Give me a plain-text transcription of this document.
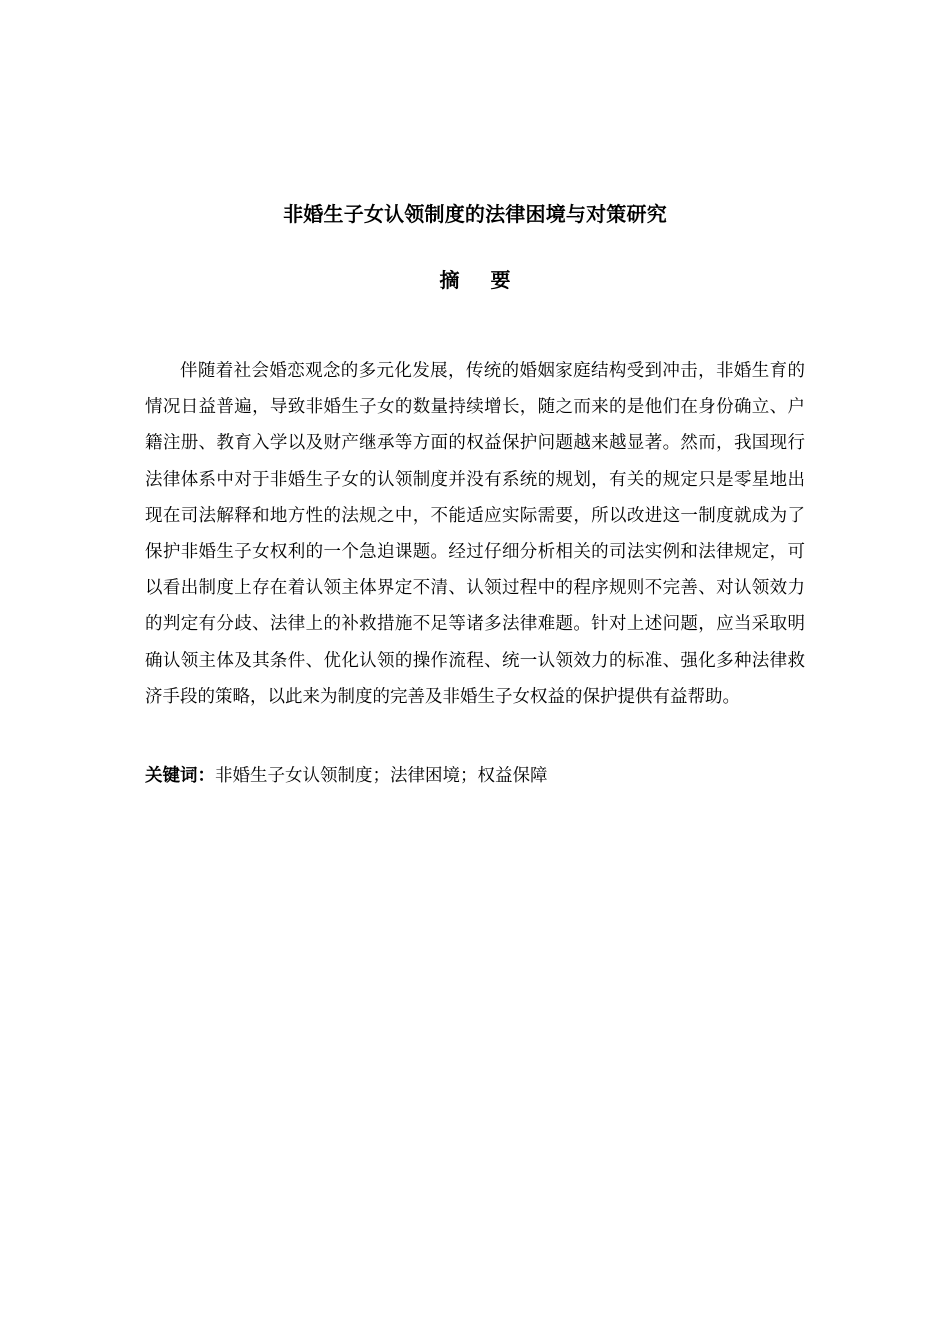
非婚生子女认领制度的法律困境与对策研究
摘 要

伴随着社会婚恋观念的多元化发展，传统的婚姻家庭结构受到冲击，非婚生育的情况日益普遍，导致非婚生子女的数量持续增长，随之而来的是他们在身份确立、户籍注册、教育入学以及财产继承等方面的权益保护问题越来越显著。然而，我国现行法律体系中对于非婚生子女的认领制度并没有系统的规划，有关的规定只是零星地出现在司法解释和地方性的法规之中，不能适应实际需要，所以改进这一制度就成为了保护非婚生子女权利的一个急迫课题。经过仔细分析相关的司法实例和法律规定，可以看出制度上存在着认领主体界定不清、认领过程中的程序规则不完善、对认领效力的判定有分歧、法律上的补救措施不足等诸多法律难题。针对上述问题，应当采取明确认领主体及其条件、优化认领的操作流程、统一认领效力的标准、强化多种法律救济手段的策略，以此来为制度的完善及非婚生子女权益的保护提供有益帮助。

关键词：非婚生子女认领制度；法律困境；权益保障
